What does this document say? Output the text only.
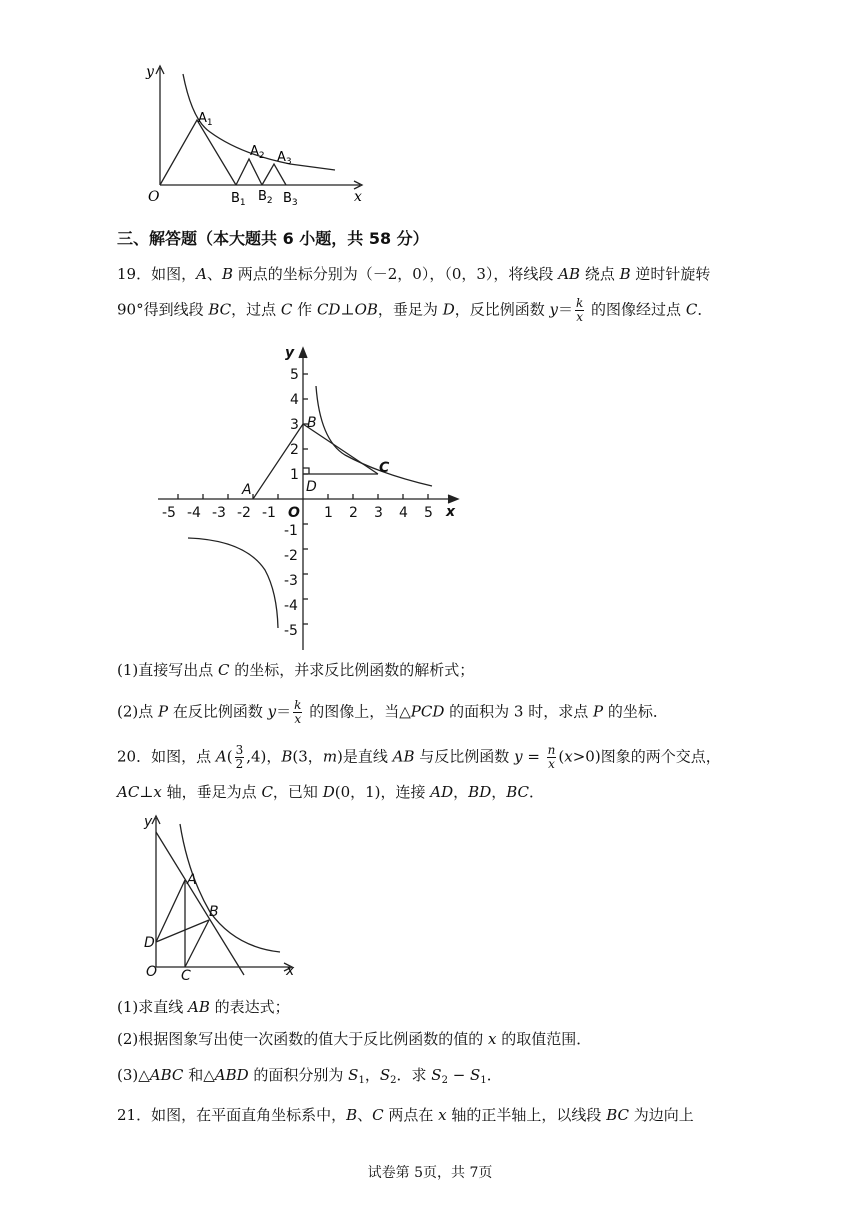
y
x
O
$A_1$
$A_2$ $A_3$
$B_1$ $B_2$ $B_3$
三、解答题（本大题共 6 小题，共 58 分）
19．如图，A、B 两点的坐标分别为（－2，0），（0，3），将线段 AB 绕点 B 逆时针旋转
90°得到线段 BC，过点 C 作 CD⊥OB，垂足为 D，反比例函数 $y= \frac{k}{x}$ 的图像经过点 C．
y
x
O
-5 -4 -3 -2 -1	1 2 3 4 5
5
4
3
2
1
-1
-2
-3
-4
-5
A
B
C
D
(1)直接写出点 C 的坐标，并求反比例函数的解析式；
(2)点 P 在反比例函数 $y= \frac{k}{x}$ 的图像上，当△PCD 的面积为 3 时，求点 P 的坐标．
20．如图，点 $A( \frac{3}{2} ,4)$，B(3，m)是直线 AB 与反比例函数 $y = \frac{n}{x} (x>0)$图象的两个交点，
AC⊥x 轴，垂足为点 C，已知 D(0，1)，连接 AD，BD，BC．
y
x
O
A
B
C
D
(1)求直线 AB 的表达式；
(2)根据图象写出使一次函数的值大于反比例函数的值的 x 的取值范围．
(3)△ABC 和△ABD 的面积分别为 $S_1$，$S_2$．求 $S_2 - S_1$．
21．如图，在平面直角坐标系中，B、C 两点在 x 轴的正半轴上，以线段 BC 为边向上
试卷第 5页，共 7页
